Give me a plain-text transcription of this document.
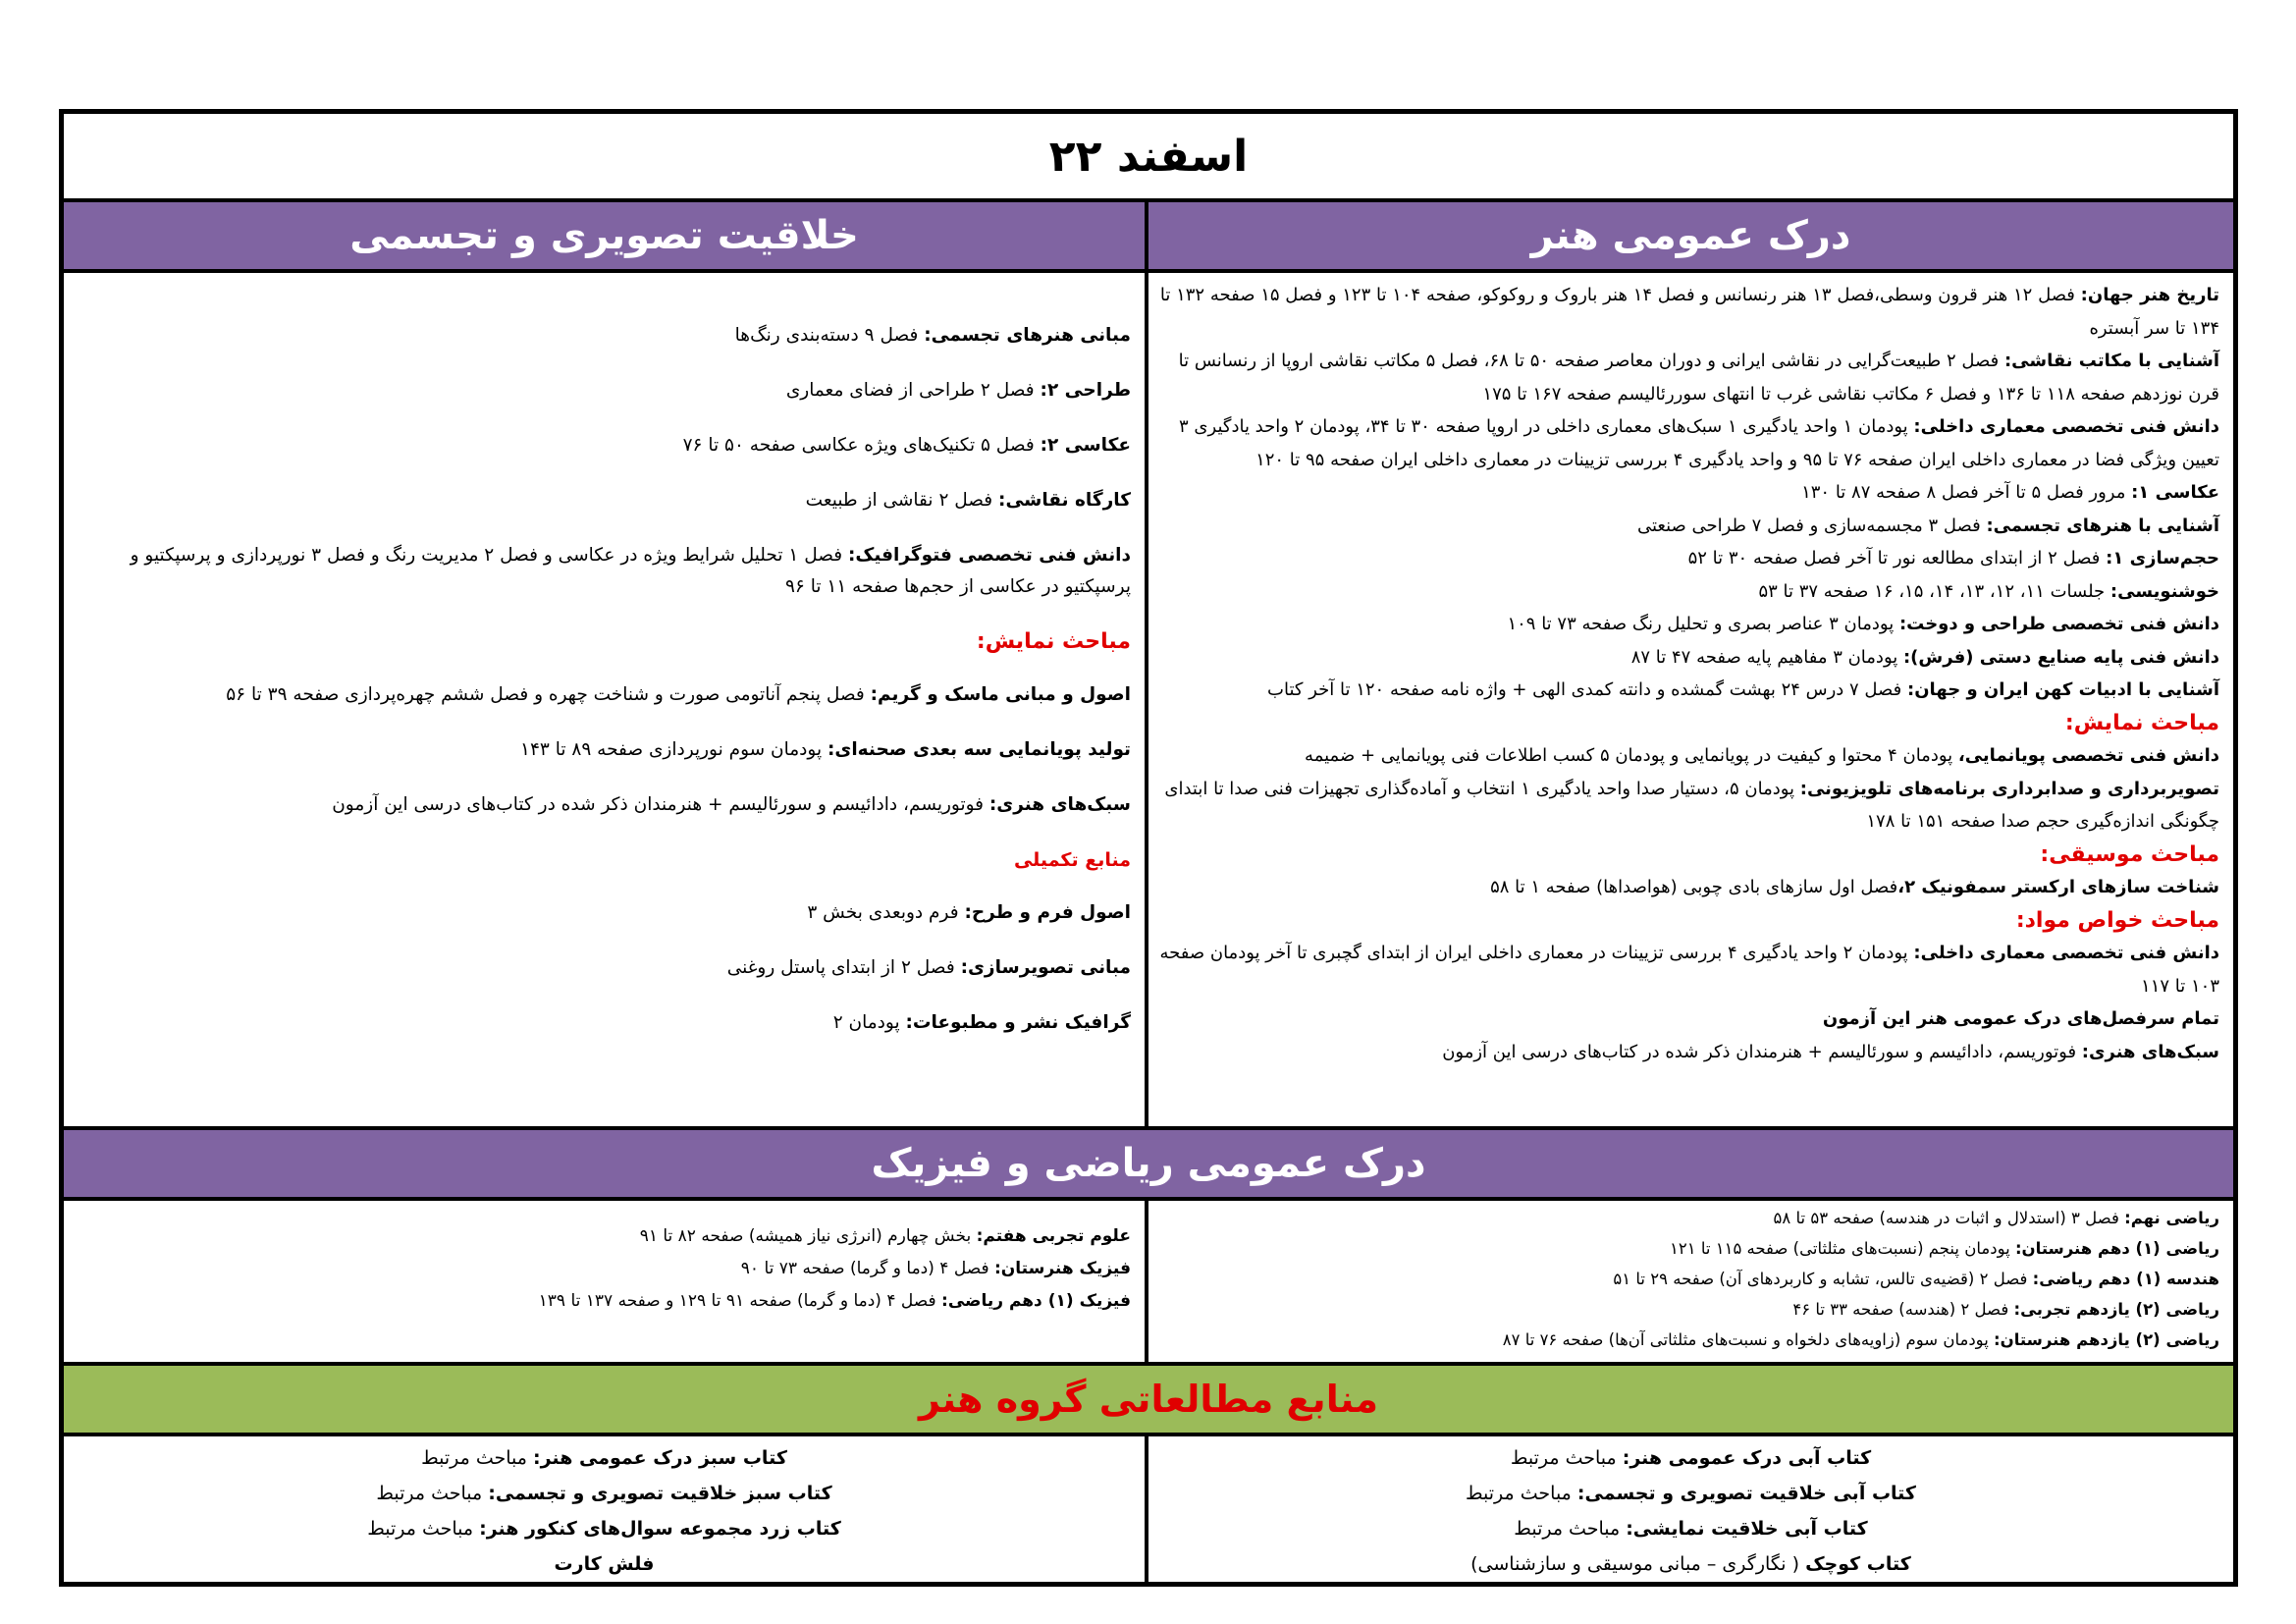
۲۲ اسفند
درک عمومی هنر
خلاقیت تصویری و تجسمی

تاریخ هنر جهان: فصل ۱۲ هنر قرون وسطی،فصل ۱۳ هنر رنسانس و فصل ۱۴ هنر باروک و روکوکو، صفحه ۱۰۴ تا ۱۲۳ و فصل ۱۵ صفحه ۱۳۲ تا ۱۳۴ تا سر آبستره

آشنایی با مکاتب نقاشی: فصل ۲ طبیعت‌گرایی در نقاشی ایرانی و دوران معاصر صفحه ۵۰ تا ۶۸، فصل ۵ مکاتب نقاشی اروپا از رنسانس تا قرن نوزدهم صفحه ۱۱۸ تا ۱۳۶ و فصل ۶ مکاتب نقاشی غرب تا انتهای سوررئالیسم صفحه ۱۶۷ تا ۱۷۵

دانش فنی تخصصی معماری داخلی: پودمان ۱ واحد یادگیری ۱ سبک‌های معماری داخلی در اروپا صفحه ۳۰ تا ۳۴، پودمان ۲ واحد یادگیری ۳ تعیین ویژگی فضا در معماری داخلی ایران صفحه ۷۶ تا ۹۵ و واحد یادگیری ۴ بررسی تزیینات در معماری داخلی ایران صفحه ۹۵ تا ۱۲۰

عکاسی ۱: مرور فصل ۵ تا آخر فصل ۸ صفحه ۸۷ تا ۱۳۰

آشنایی با هنرهای تجسمی: فصل ۳ مجسمه‌سازی و فصل ۷ طراحی صنعتی

حجم‌سازی ۱: فصل ۲ از ابتدای مطالعه نور تا آخر فصل صفحه ۳۰ تا ۵۲

خوشنویسی: جلسات ۱۱، ۱۲، ۱۳، ۱۴، ۱۵، ۱۶ صفحه ۳۷ تا ۵۳

دانش فنی تخصصی طراحی و دوخت: پودمان ۳ عناصر بصری و تحلیل رنگ صفحه ۷۳ تا ۱۰۹

دانش فنی پایه صنایع دستی (فرش): پودمان ۳ مفاهیم پایه صفحه ۴۷ تا ۸۷

آشنایی با ادبیات کهن ایران و جهان: فصل ۷ درس ۲۴ بهشت گمشده و دانته کمدی الهی + واژه نامه صفحه ۱۲۰ تا آخر کتاب

مباحث نمایش:

دانش فنی تخصصی پویانمایی، پودمان ۴ محتوا و کیفیت در پویانمایی و پودمان ۵ کسب اطلاعات فنی پویانمایی + ضمیمه

تصویربرداری و صدابرداری برنامه‌های تلویزیونی: پودمان ۵، دستیار صدا واحد یادگیری ۱ انتخاب و آماده‌گذاری تجهیزات فنی صدا تا ابتدای چگونگی اندازه‌گیری حجم صدا صفحه ۱۵۱ تا ۱۷۸

مباحث موسیقی:

شناخت سازهای ارکستر سمفونیک ۲،فصل اول سازهای بادی چوبی (هواصداها) صفحه ۱ تا ۵۸

مباحث خواص مواد:

دانش فنی تخصصی معماری داخلی: پودمان ۲ واحد یادگیری ۴ بررسی تزیینات در معماری داخلی ایران از ابتدای گچبری تا آخر پودمان صفحه ۱۰۳ تا ۱۱۷

تمام سرفصل‌های درک عمومی هنر این آزمون

سبک‌های هنری: فوتوریسم، دادائیسم و سورئالیسم + هنرمندان ذکر شده در کتاب‌های درسی این آزمون

مبانی هنرهای تجسمی: فصل ۹ دسته‌بندی رنگ‌ها

طراحی ۲: فصل ۲ طراحی از فضای معماری

عکاسی ۲: فصل ۵ تکنیک‌های ویژه عکاسی صفحه ۵۰ تا ۷۶

کارگاه نقاشی: فصل ۲ نقاشی از طبیعت

دانش فنی تخصصی فتوگرافیک: فصل ۱ تحلیل شرایط ویژه در عکاسی و فصل ۲ مدیریت رنگ و فصل ۳ نورپردازی و پرسپکتیو و پرسپکتیو در عکاسی از حجم‌ها صفحه ۱۱ تا ۹۶

مباحث نمایش:

اصول و مبانی ماسک و گریم: فصل پنجم آناتومی صورت و شناخت چهره و فصل ششم چهره‌پردازی صفحه ۳۹ تا ۵۶

تولید پویانمایی سه بعدی صحنه‌ای: پودمان سوم نورپردازی صفحه ۸۹ تا ۱۴۳

سبک‌های هنری: فوتوریسم، دادائیسم و سورئالیسم + هنرمندان ذکر شده در کتاب‌های درسی این آزمون

منابع تکمیلی

اصول فرم و طرح: فرم دوبعدی بخش ۳

مبانی تصویرسازی: فصل ۲ از ابتدای پاستل روغنی

گرافیک نشر و مطبوعات: پودمان ۲

درک عمومی ریاضی و فیزیک

ریاضی نهم: فصل ۳ (استدلال و اثبات در هندسه) صفحه ۵۳ تا ۵۸

ریاضی (۱) دهم هنرستان: پودمان پنجم (نسبت‌های مثلثاتی) صفحه ۱۱۵ تا ۱۲۱

هندسه (۱) دهم ریاضی: فصل ۲ (قضیه‌ی تالس، تشابه و کاربردهای آن) صفحه ۲۹ تا ۵۱

ریاضی (۲) یازدهم تجربی: فصل ۲ (هندسه) صفحه ۳۳ تا ۴۶

ریاضی (۲) یازدهم هنرستان: پودمان سوم (زاویه‌های دلخواه و نسبت‌های مثلثاتی آن‌ها) صفحه ۷۶ تا ۸۷

علوم تجربی هفتم: بخش چهارم (انرژی نیاز همیشه) صفحه ۸۲ تا ۹۱

فیزیک هنرستان: فصل ۴ (دما و گرما) صفحه ۷۳ تا ۹۰

فیزیک (۱) دهم ریاضی: فصل ۴ (دما و گرما) صفحه ۹۱ تا ۱۲۹ و صفحه ۱۳۷ تا ۱۳۹

منابع مطالعاتی گروه هنر

کتاب آبی درک عمومی هنر: مباحث مرتبط

کتاب آبی خلاقیت تصویری و تجسمی: مباحث مرتبط

کتاب آبی خلاقیت نمایشی: مباحث مرتبط

کتاب کوچک ( نگارگری – مبانی موسیقی و سازشناسی)

کتاب سبز درک عمومی هنر: مباحث مرتبط

کتاب سبز خلاقیت تصویری و تجسمی: مباحث مرتبط

کتاب زرد مجموعه سوال‌های کنکور هنر: مباحث مرتبط

فلش کارت
